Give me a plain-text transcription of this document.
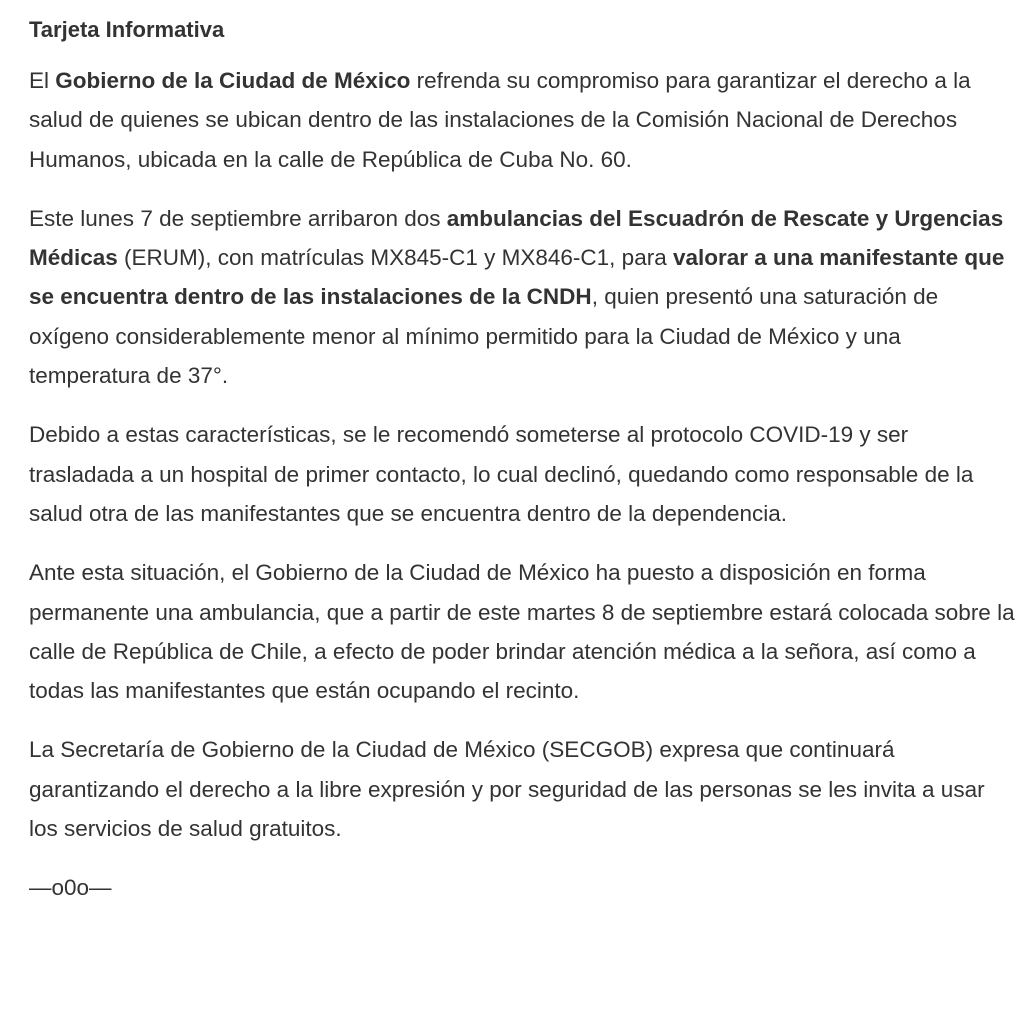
Tarjeta Informativa

El Gobierno de la Ciudad de México refrenda su compromiso para garantizar el derecho a la salud de quienes se ubican dentro de las instalaciones de la Comisión Nacional de Derechos Humanos, ubicada en la calle de República de Cuba No. 60.

Este lunes 7 de septiembre arribaron dos ambulancias del Escuadrón de Rescate y Urgencias Médicas (ERUM), con matrículas MX845-C1 y MX846-C1, para valorar a una manifestante que se encuentra dentro de las instalaciones de la CNDH, quien presentó una saturación de oxígeno considerablemente menor al mínimo permitido para la Ciudad de México y una temperatura de 37°.

Debido a estas características, se le recomendó someterse al protocolo COVID-19 y ser trasladada a un hospital de primer contacto, lo cual declinó, quedando como responsable de la salud otra de las manifestantes que se encuentra dentro de la dependencia.

Ante esta situación, el Gobierno de la Ciudad de México ha puesto a disposición en forma permanente una ambulancia, que a partir de este martes 8 de septiembre estará colocada sobre la calle de República de Chile, a efecto de poder brindar atención médica a la señora, así como a todas las manifestantes que están ocupando el recinto.

La Secretaría de Gobierno de la Ciudad de México (SECGOB) expresa que continuará garantizando el derecho a la libre expresión y por seguridad de las personas se les invita a usar los servicios de salud gratuitos.

—o0o—
